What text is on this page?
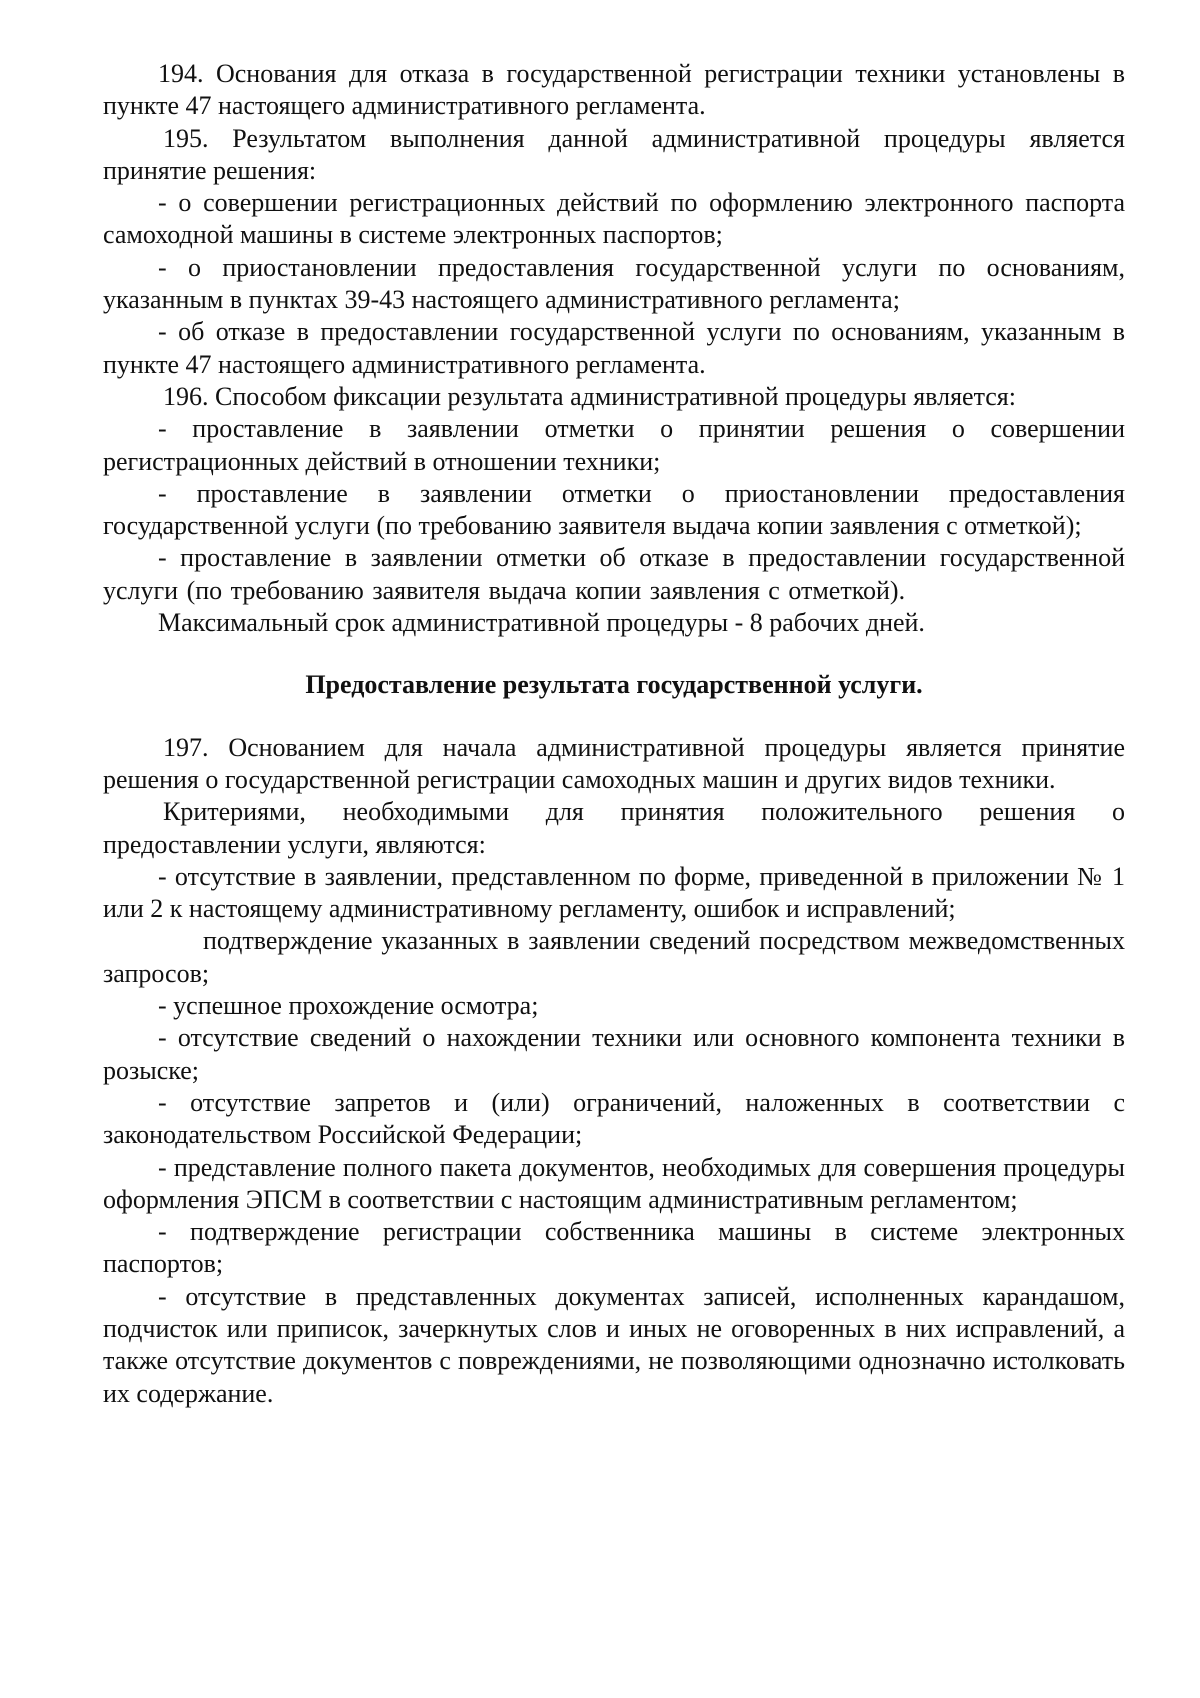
194. Основания для отказа в государственной регистрации техники установлены в пункте 47 настоящего административного регламента.

195. Результатом выполнения данной административной процедуры является принятие решения:

- о совершении регистрационных действий по оформлению электронного паспорта самоходной машины в системе электронных паспортов;

- о приостановлении предоставления государственной услуги по основаниям, указанным в пунктах 39-43 настоящего административного регламента;

- об отказе в предоставлении государственной услуги по основаниям, указанным в пункте 47 настоящего административного регламента.

196. Способом фиксации результата административной процедуры является:

- проставление в заявлении отметки о принятии решения о совершении регистрационных действий в отношении техники;

- проставление в заявлении отметки о приостановлении предоставления государственной услуги (по требованию заявителя выдача копии заявления с отметкой);

- проставление в заявлении отметки об отказе в предоставлении государственной услуги (по требованию заявителя выдача копии заявления с отметкой).

Максимальный срок административной процедуры - 8 рабочих дней.

Предоставление результата государственной услуги.

197. Основанием для начала административной процедуры является принятие решения о государственной регистрации самоходных машин и других видов техники.

Критериями, необходимыми для принятия положительного решения о предоставлении услуги, являются:

- отсутствие в заявлении, представленном по форме, приведенной в приложении № 1 или 2 к настоящему административному регламенту, ошибок и исправлений;

подтверждение указанных в заявлении сведений посредством межведомственных запросов;

- успешное прохождение осмотра;

- отсутствие сведений о нахождении техники или основного компонента техники в розыске;

- отсутствие запретов и (или) ограничений, наложенных в соответствии с законодательством Российской Федерации;

- представление полного пакета документов, необходимых для совершения процедуры оформления ЭПСМ в соответствии с настоящим административным регламентом;

- подтверждение регистрации собственника машины в системе электронных паспортов;

- отсутствие в представленных документах записей, исполненных карандашом, подчисток или приписок, зачеркнутых слов и иных не оговоренных в них исправлений, а также отсутствие документов с повреждениями, не позволяющими однозначно истолковать их содержание.
